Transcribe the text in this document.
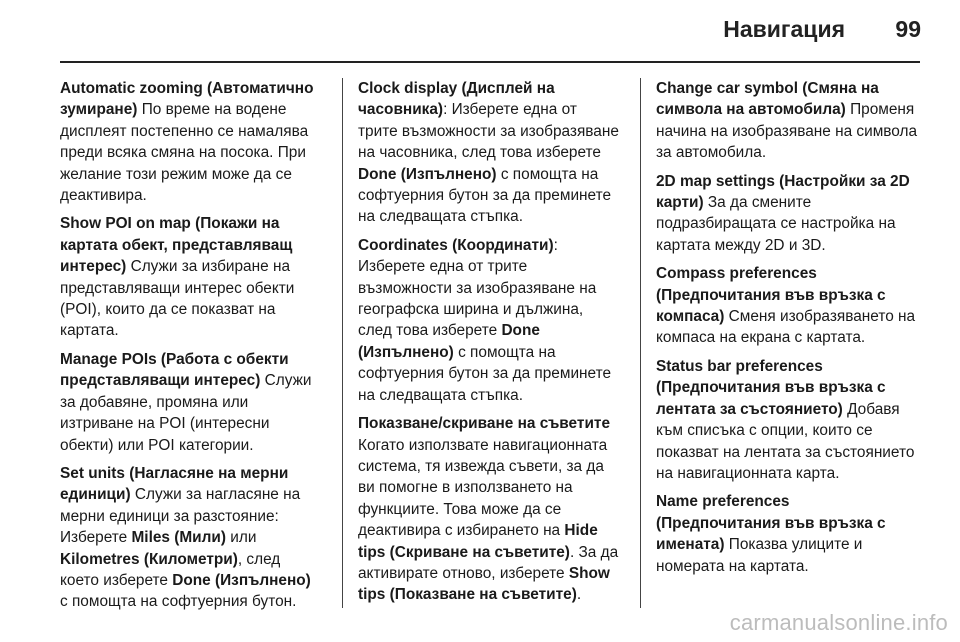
Навигация 99
Automatic zooming (Автоматично зумиране) По време на водене дисплеят постепенно се намалява преди всяка смяна на посока. При желание този режим може да се деактивира.
Show POI on map (Покажи на картата обект, представляващ интерес) Служи за избиране на представляващи интерес обекти (POI), които да се показват на картата.
Manage POIs (Работа с обекти представляващи интерес) Служи за добавяне, промяна или изтриване на POI (интересни обекти) или POI категории.
Set units (Нагласяне на мерни единици) Служи за нагласяне на мерни единици за разстояние: Изберете Miles (Мили) или Kilometres (Километри), след което изберете Done (Изпълнено) с помощта на софтуерния бутон.
Clock display (Дисплей на часовника): Изберете една от трите възможности за изобразяване на часовника, след това изберете Done (Изпълнено) с помощта на софтуерния бутон за да преминете на следващата стъпка.
Coordinates (Координати): Изберете една от трите възможности за изобразяване на географска ширина и дължина, след това изберете Done (Изпълнено) с помощта на софтуерния бутон за да преминете на следващата стъпка.
Показване/скриване на съветите Когато използвате навигационната система, тя извежда съвети, за да ви помогне в използването на функциите. Това може да се деактивира с избирането на Hide tips (Скриване на съветите). За да активирате отново, изберете Show tips (Показване на съветите).
Change car symbol (Смяна на символа на автомобила) Променя начина на изобразяване на символа за автомобила.
2D map settings (Настройки за 2D карти) За да смените подразбиращата се настройка на картата между 2D и 3D.
Compass preferences (Предпочитания във връзка с компаса) Сменя изобразяването на компаса на екрана с картата.
Status bar preferences (Предпочитания във връзка с лентата за състоянието) Добавя към списъка с опции, които се показват на лентата за състоянието на навигационната карта.
Name preferences (Предпочитания във връзка с имената) Показва улиците и номерата на картата.
carmanualsonline.info
